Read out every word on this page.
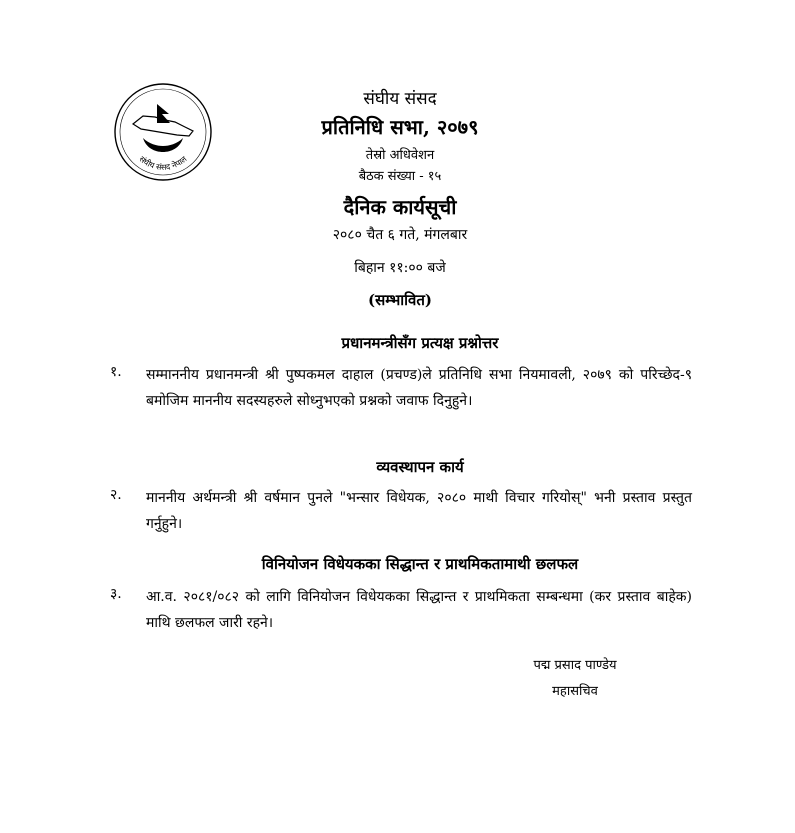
संघीय संसद नेपाल
संघीय संसद
प्रतिनिधि सभा, २०७९
तेस्रो अधिवेशन
बैठक संख्या - १५
दैनिक कार्यसूची
२०८० चैत ६ गते, मंगलबार
बिहान ११:०० बजे
(सम्भावित)
प्रधानमन्त्रीसँग प्रत्यक्ष प्रश्नोत्तर
१. सम्माननीय प्रधानमन्त्री श्री पुष्पकमल दाहाल (प्रचण्ड)ले प्रतिनिधि सभा नियमावली, २०७९ को परिच्छेद-९ बमोजिम माननीय सदस्यहरुले सोध्नुभएको प्रश्नको जवाफ दिनुहुने।
व्यवस्थापन कार्य
२. माननीय अर्थमन्त्री श्री वर्षमान पुनले "भन्सार विधेयक, २०८० माथी विचार गरियोस्" भनी प्रस्ताव प्रस्तुत गर्नुहुने।
विनियोजन विधेयकका सिद्धान्त र प्राथमिकतामाथी छलफल
३. आ.व. २०८१/०८२ को लागि विनियोजन विधेयकका सिद्धान्त र प्राथमिकता सम्बन्धमा (कर प्रस्ताव बाहेक) माथि छलफल जारी रहने।
पद्म प्रसाद पाण्डेय
महासचिव
